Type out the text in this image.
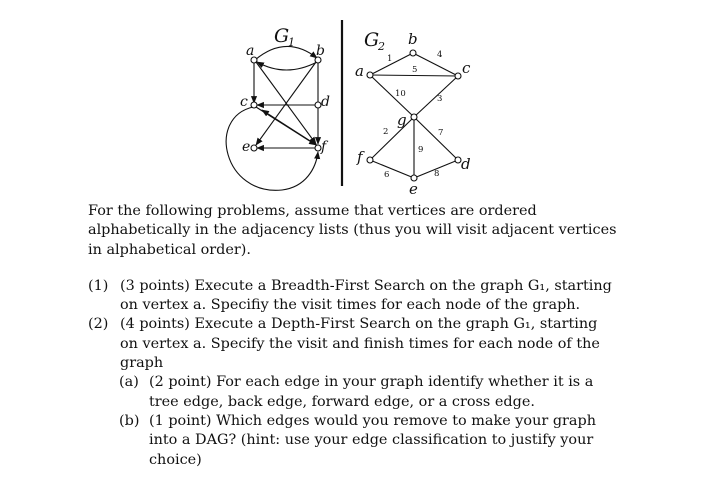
G
1
a	b
c	d
e	f
G
2
a
b
c
d
e
f
g
1	4
5
10	3
2	7
9
6	8

For the following problems, assume that vertices are ordered alphabetically in the adjacency lists (thus you will visit adjacent vertices in alphabetical order).

(1) (3 points) Execute a Breadth-First Search on the graph G₁, starting on vertex a. Specifiy the visit times for each node of the graph.
(2) (4 points) Execute a Depth-First Search on the graph G₁, starting on vertex a. Specify the visit and finish times for each node of the graph
(a) (2 point) For each edge in your graph identify whether it is a tree edge, back edge, forward edge, or a cross edge.
(b) (1 point) Which edges would you remove to make your graph into a DAG? (hint: use your edge classification to justify your choice)
